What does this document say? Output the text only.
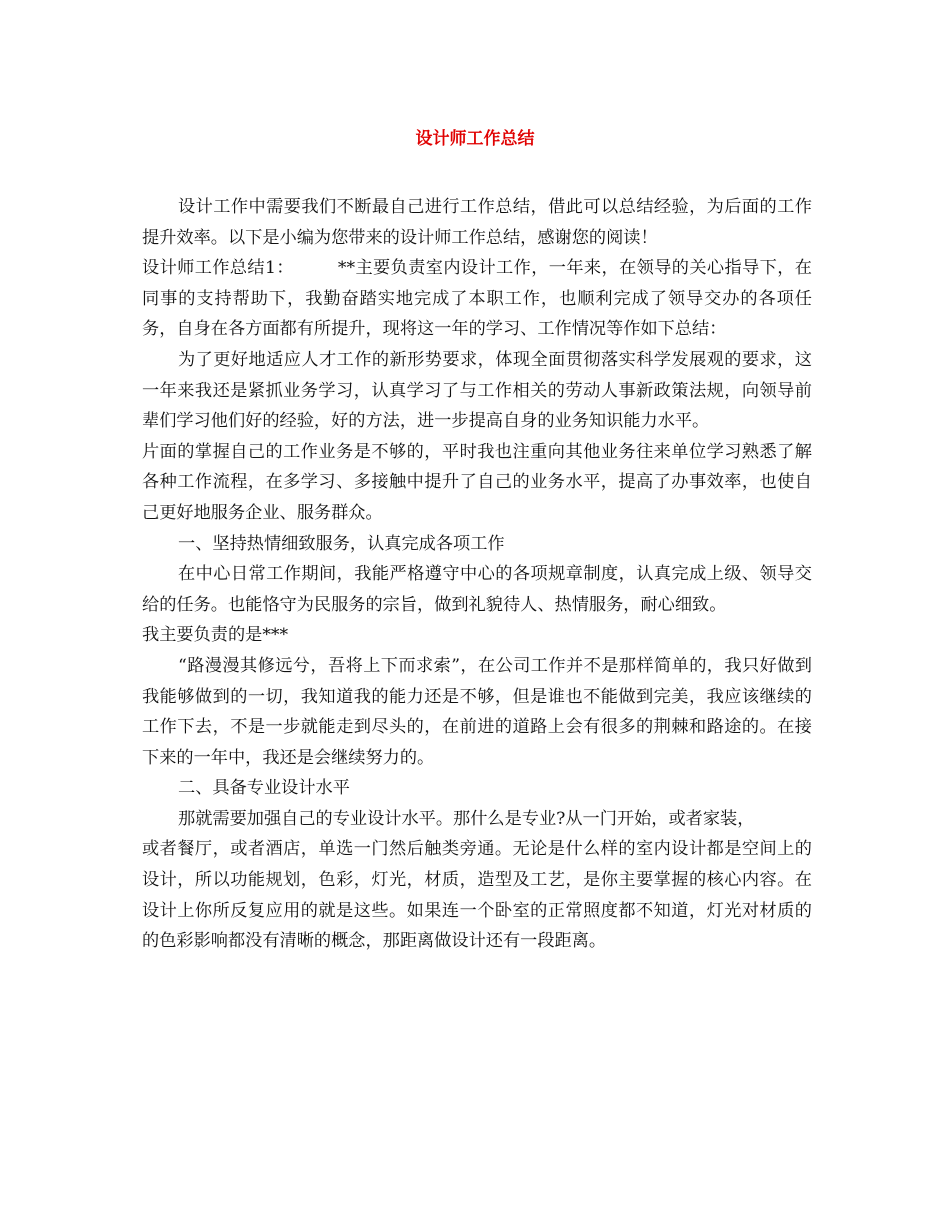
设计师工作总结

设计工作中需要我们不断最自己进行工作总结，借此可以总结经验，为后面的工作提升效率。以下是小编为您带来的设计师工作总结，感谢您的阅读！

设计师工作总结1：	**主要负责室内设计工作，一年来，在领导的关心指导下，在同事的支持帮助下，我勤奋踏实地完成了本职工作，也顺利完成了领导交办的各项任务，自身在各方面都有所提升，现将这一年的学习、工作情况等作如下总结：

为了更好地适应人才工作的新形势要求，体现全面贯彻落实科学发展观的要求，这一年来我还是紧抓业务学习，认真学习了与工作相关的劳动人事新政策法规，向领导前辈们学习他们好的经验，好的方法，进一步提高自身的业务知识能力水平。

片面的掌握自己的工作业务是不够的，平时我也注重向其他业务往来单位学习熟悉了解各种工作流程，在多学习、多接触中提升了自己的业务水平，提高了办事效率，也使自己更好地服务企业、服务群众。

一、坚持热情细致服务，认真完成各项工作

在中心日常工作期间，我能严格遵守中心的各项规章制度，认真完成上级、领导交给的任务。也能恪守为民服务的宗旨，做到礼貌待人、热情服务，耐心细致。

我主要负责的是***

“路漫漫其修远兮，吾将上下而求索”，在公司工作并不是那样简单的，我只好做到我能够做到的一切，我知道我的能力还是不够，但是谁也不能做到完美，我应该继续的工作下去，不是一步就能走到尽头的，在前进的道路上会有很多的荆棘和路途的。在接下来的一年中，我还是会继续努力的。

二、具备专业设计水平

那就需要加强自己的专业设计水平。那什么是专业?从一门开始，或者家装，

或者餐厅，或者酒店，单选一门然后触类旁通。无论是什么样的室内设计都是空间上的设计，所以功能规划，色彩，灯光，材质，造型及工艺，是你主要掌握的核心内容。在设计上你所反复应用的就是这些。如果连一个卧室的正常照度都不知道，灯光对材质的的色彩影响都没有清晰的概念，那距离做设计还有一段距离。
